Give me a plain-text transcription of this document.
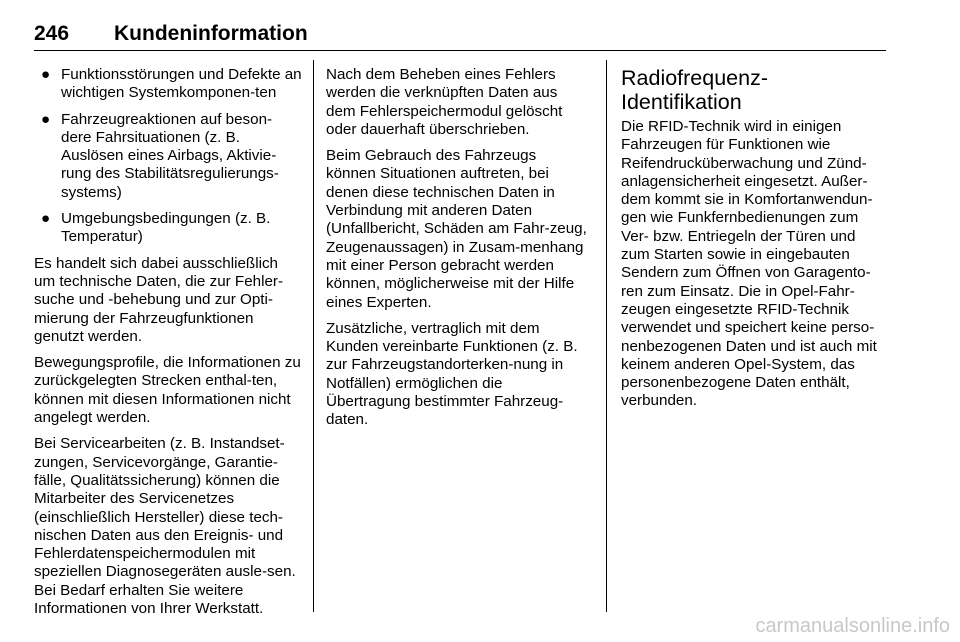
246 Kundeninformation
● Funktionsstörungen und Defekte an wichtigen Systemkomponen-ten
● Fahrzeugreaktionen auf beson-dere Fahrsituationen (z. B. Auslösen eines Airbags, Aktivie-rung des Stabilitätsregulierungs-systems)
● Umgebungsbedingungen (z. B. Temperatur)

Es handelt sich dabei ausschließlich um technische Daten, die zur Fehler-suche und -behebung und zur Opti-mierung der Fahrzeugfunktionen genutzt werden.

Bewegungsprofile, die Informationen zu zurückgelegten Strecken enthal-ten, können mit diesen Informationen nicht angelegt werden.

Bei Servicearbeiten (z. B. Instandset-zungen, Servicevorgänge, Garantie-fälle, Qualitätssicherung) können die Mitarbeiter des Servicenetzes (einschließlich Hersteller) diese tech-nischen Daten aus den Ereignis- und Fehlerdatenspeichermodulen mit speziellen Diagnosegeräten ausle-sen. Bei Bedarf erhalten Sie weitere Informationen von Ihrer Werkstatt.

Nach dem Beheben eines Fehlers werden die verknüpften Daten aus dem Fehlerspeichermodul gelöscht oder dauerhaft überschrieben.

Beim Gebrauch des Fahrzeugs können Situationen auftreten, bei denen diese technischen Daten in Verbindung mit anderen Daten (Unfallbericht, Schäden am Fahr-zeug, Zeugenaussagen) in Zusam-menhang mit einer Person gebracht werden können, möglicherweise mit der Hilfe eines Experten.

Zusätzliche, vertraglich mit dem Kunden vereinbarte Funktionen (z. B. zur Fahrzeugstandorterken-nung in Notfällen) ermöglichen die Übertragung bestimmter Fahrzeug-daten.

Radiofrequenz-Identifikation

Die RFID-Technik wird in einigen Fahrzeugen für Funktionen wie Reifendrucküberwachung und Zünd-anlagensicherheit eingesetzt. Außer-dem kommt sie in Komfortanwendun-gen wie Funkfernbedienungen zum Ver- bzw. Entriegeln der Türen und zum Starten sowie in eingebauten Sendern zum Öffnen von Garagento-ren zum Einsatz. Die in Opel-Fahr-zeugen eingesetzte RFID-Technik verwendet und speichert keine perso-nenbezogenen Daten und ist auch mit keinem anderen Opel-System, das personenbezogene Daten enthält, verbunden.

carmanualsonline.info
